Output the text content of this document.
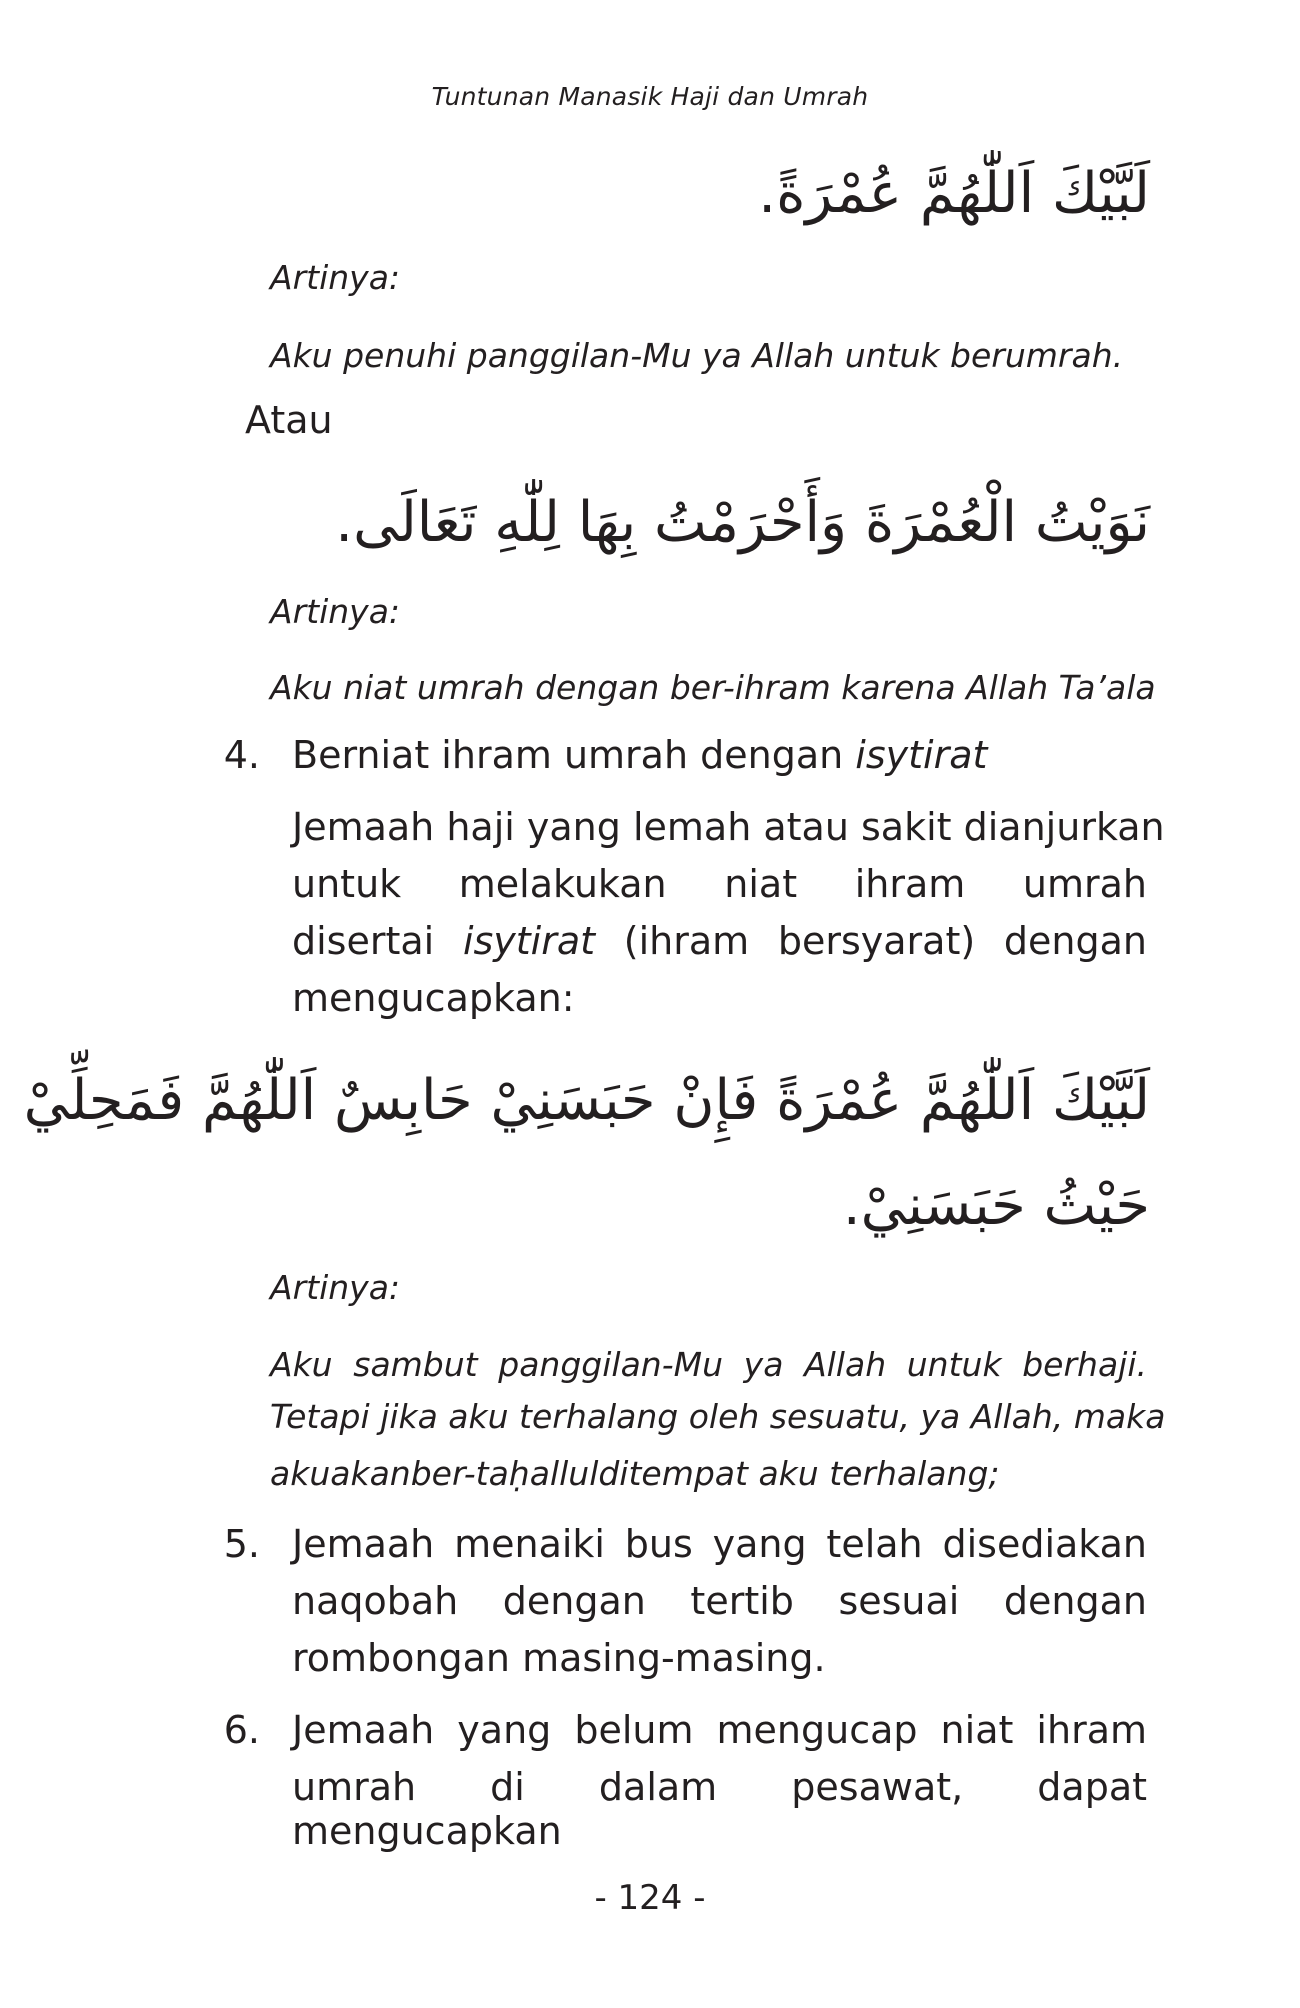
Tuntunan Manasik Haji dan Umrah
لَبَّيْكَ اَللّٰهُمَّ عُمْرَةً.
Artinya:
Aku penuhi panggilan-Mu ya Allah untuk berumrah.
Atau
نَوَيْتُ الْعُمْرَةَ وَأَحْرَمْتُ بِهَا لِلّٰهِ تَعَالَى.
Artinya:
Aku niat umrah dengan ber-ihram karena Allah Ta’ala
4. Berniat ihram umrah dengan isytirat
Jemaah haji yang lemah atau sakit dianjurkan
untuk melakukan niat ihram umrah
disertai isytirat (ihram bersyarat) dengan
mengucapkan:
لَبَّيْكَ اَللّٰهُمَّ عُمْرَةً فَإِنْ حَبَسَنِيْ حَابِسٌ اَللّٰهُمَّ فَمَحِلِّيْ
حَيْثُ حَبَسَنِيْ.
Artinya:
Aku sambut panggilan-Mu ya Allah untuk berhaji.
Tetapi jika aku terhalang oleh sesuatu, ya Allah, maka
akuakanber-taḥallulditempat aku terhalang;
5. Jemaah menaiki bus yang telah disediakan
naqobah dengan tertib sesuai dengan
rombongan masing-masing.
6. Jemaah yang belum mengucap niat ihram
umrah di dalam pesawat, dapat mengucapkan
- 124 -
